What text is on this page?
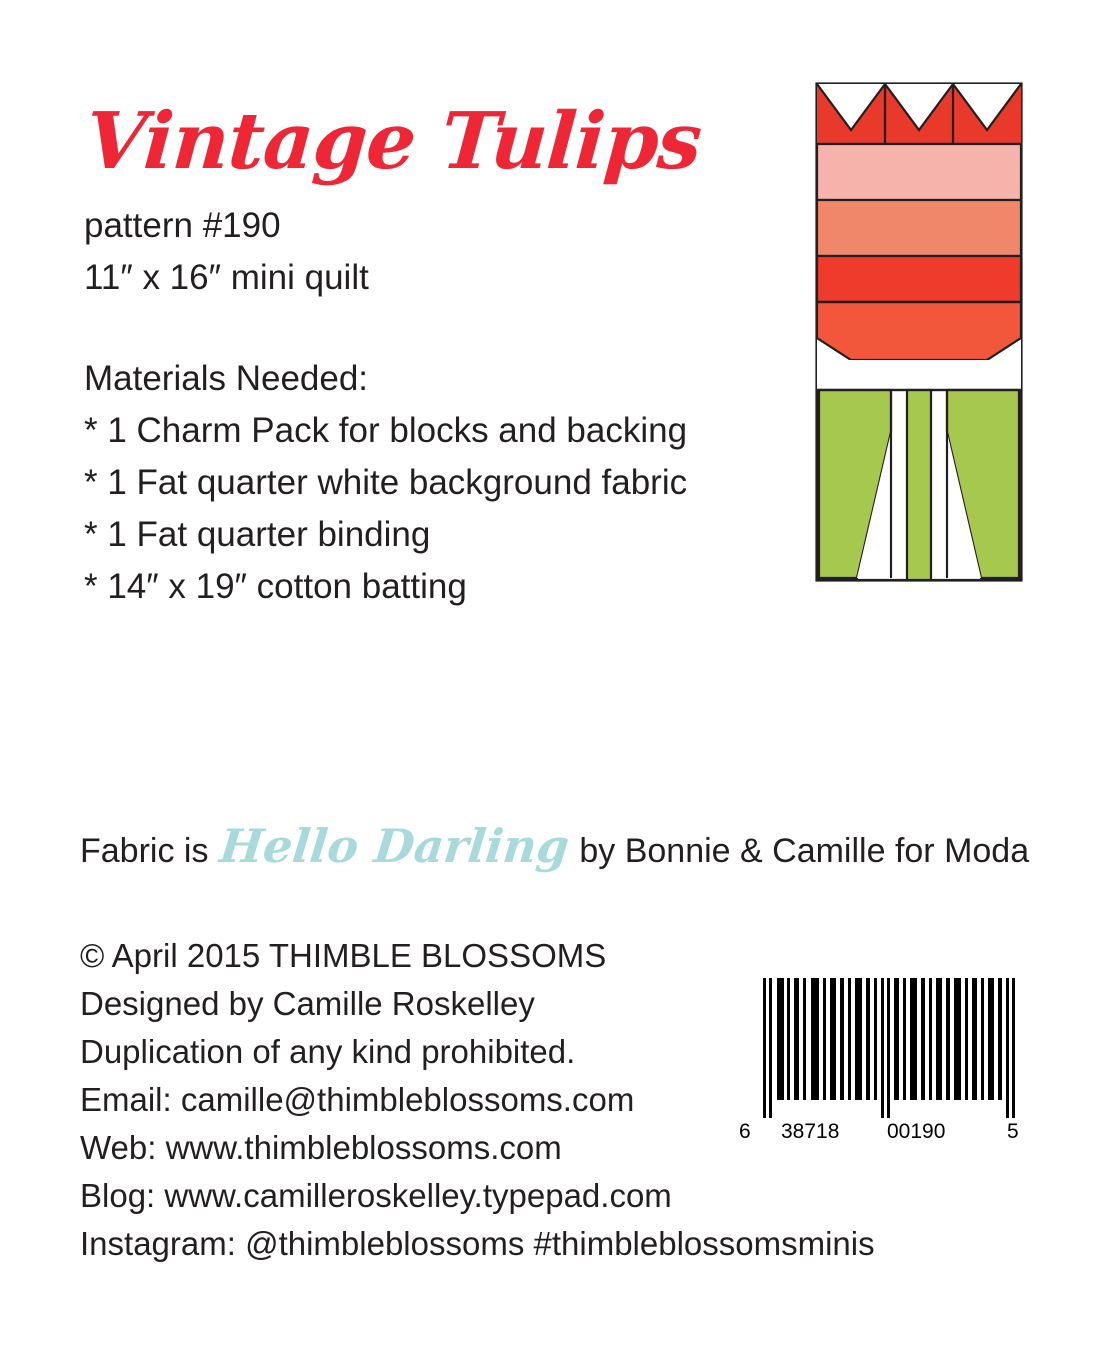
Vintage Tulips
pattern #190
11″ x 16″ mini quilt
Materials Needed:
* 1 Charm Pack for blocks and backing
* 1 Fat quarter white background fabric
* 1 Fat quarter binding
* 14″ x 19″ cotton batting
Fabric is Hello Darling by Bonnie & Camille for Moda
© April 2015 THIMBLE BLOSSOMS
Designed by Camille Roskelley
Duplication of any kind prohibited.
Email: camille@thimbleblossoms.com
Web: www.thimbleblossoms.com
Blog: www.camilleroskelley.typepad.com
Instagram: @thimbleblossoms #thimbleblossomsminis
6 38718 00190	5
